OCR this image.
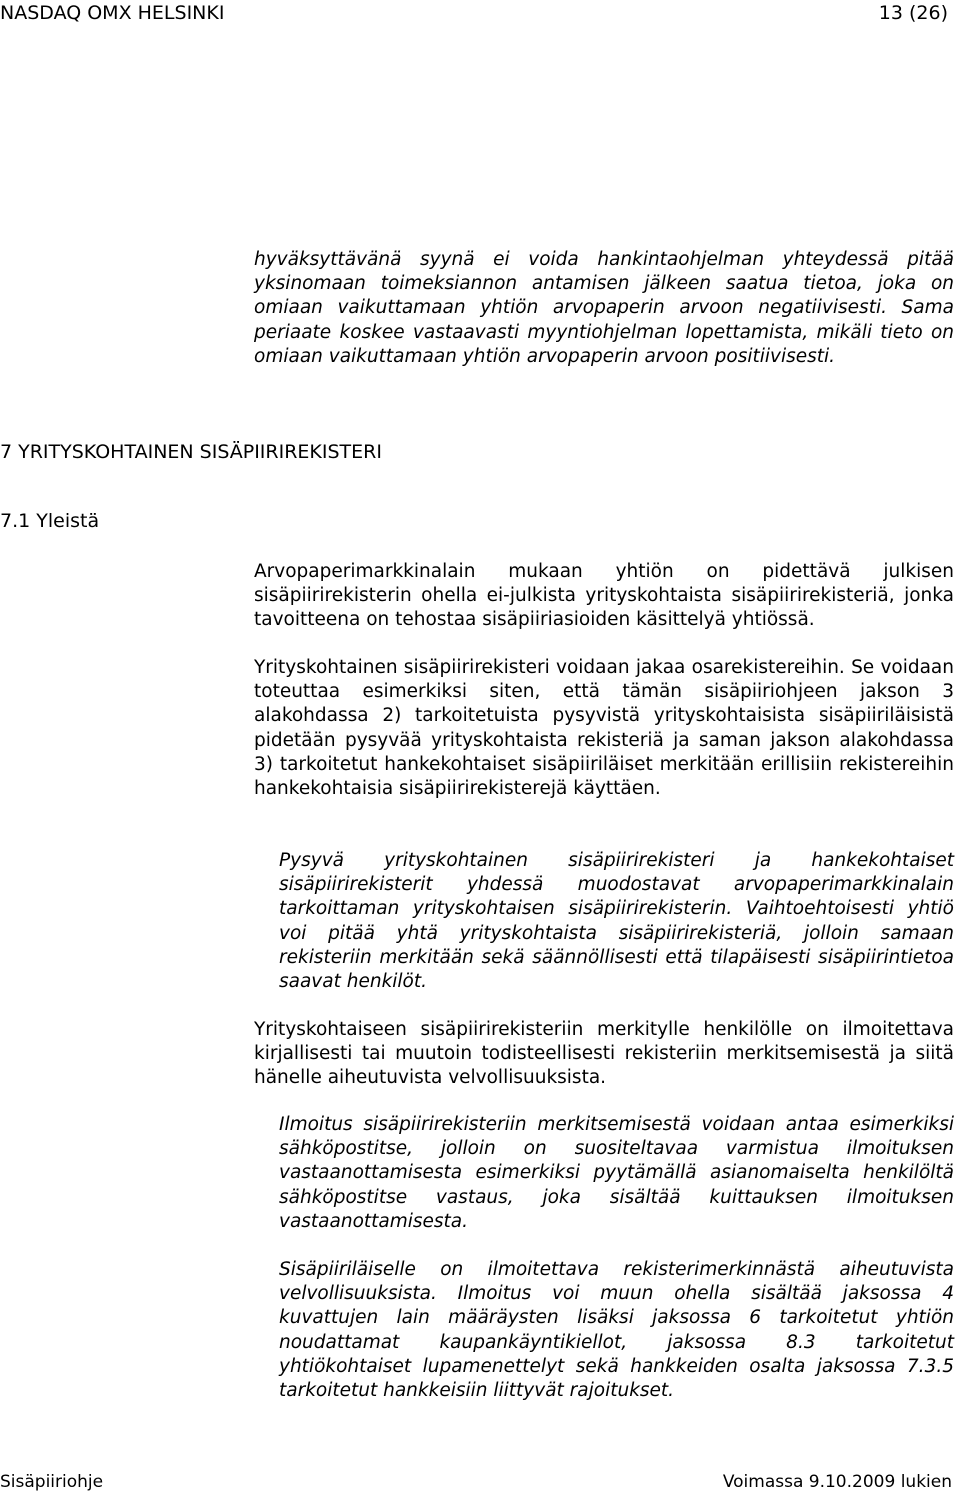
NASDAQ OMX HELSINKI	13 (26)

hyväksyttävänä syynä ei voida hankintaohjelman yhteydessä pitää yksinomaan toimeksiannon antamisen jälkeen saatua tietoa, joka on omiaan vaikuttamaan yhtiön arvopaperin arvoon negatiivisesti. Sama periaate koskee vastaavasti myyntiohjelman lopettamista, mikäli tieto on omiaan vaikuttamaan yhtiön arvopaperin arvoon positiivisesti.

7 YRITYSKOHTAINEN SISÄPIIRIREKISTERI
7.1 Yleistä

Arvopaperimarkkinalain mukaan yhtiön on pidettävä julkisen sisäpiirirekisterin ohella ei-julkista yrityskohtaista sisäpiirirekisteriä, jonka tavoitteena on tehostaa sisäpiiriasioiden käsittelyä yhtiössä.

Yrityskohtainen sisäpiirirekisteri voidaan jakaa osarekistereihin. Se voidaan toteuttaa esimerkiksi siten, että tämän sisäpiiriohjeen jakson 3 alakohdassa 2) tarkoitetuista pysyvistä yrityskohtaisista sisäpiiriläisistä pidetään pysyvää yrityskohtaista rekisteriä ja saman jakson alakohdassa 3) tarkoitetut hankekohtaiset sisäpiiriläiset merkitään erillisiin rekistereihin hankekohtaisia sisäpiirirekisterejä käyttäen.

Pysyvä yrityskohtainen sisäpiirirekisteri ja hankekohtaiset sisäpiirirekisterit yhdessä muodostavat arvopaperimarkkinalain tarkoittaman yrityskohtaisen sisäpiirirekisterin. Vaihtoehtoisesti yhtiö voi pitää yhtä yrityskohtaista sisäpiirirekisteriä, jolloin samaan rekisteriin merkitään sekä säännöllisesti että tilapäisesti sisäpiirintietoa saavat henkilöt.

Yrityskohtaiseen sisäpiirirekisteriin merkitylle henkilölle on ilmoitettava kirjallisesti tai muutoin todisteellisesti rekisteriin merkitsemisestä ja siitä hänelle aiheutuvista velvollisuuksista.

Ilmoitus sisäpiirirekisteriin merkitsemisestä voidaan antaa esimerkiksi sähköpostitse, jolloin on suositeltavaa varmistua ilmoituksen vastaanottamisesta esimerkiksi pyytämällä asianomaiselta henkilöltä sähköpostitse vastaus, joka sisältää kuittauksen ilmoituksen vastaanottamisesta.

Sisäpiiriläiselle on ilmoitettava rekisterimerkinnästä aiheutuvista velvollisuuksista. Ilmoitus voi muun ohella sisältää jaksossa 4 kuvattujen lain määräysten lisäksi jaksossa 6 tarkoitetut yhtiön noudattamat kaupankäyntikiellot, jaksossa 8.3 tarkoitetut yhtiökohtaiset lupamenettelyt sekä hankkeiden osalta jaksossa 7.3.5 tarkoitetut hankkeisiin liittyvät rajoitukset.

Sisäpiiriohje	Voimassa 9.10.2009 lukien
